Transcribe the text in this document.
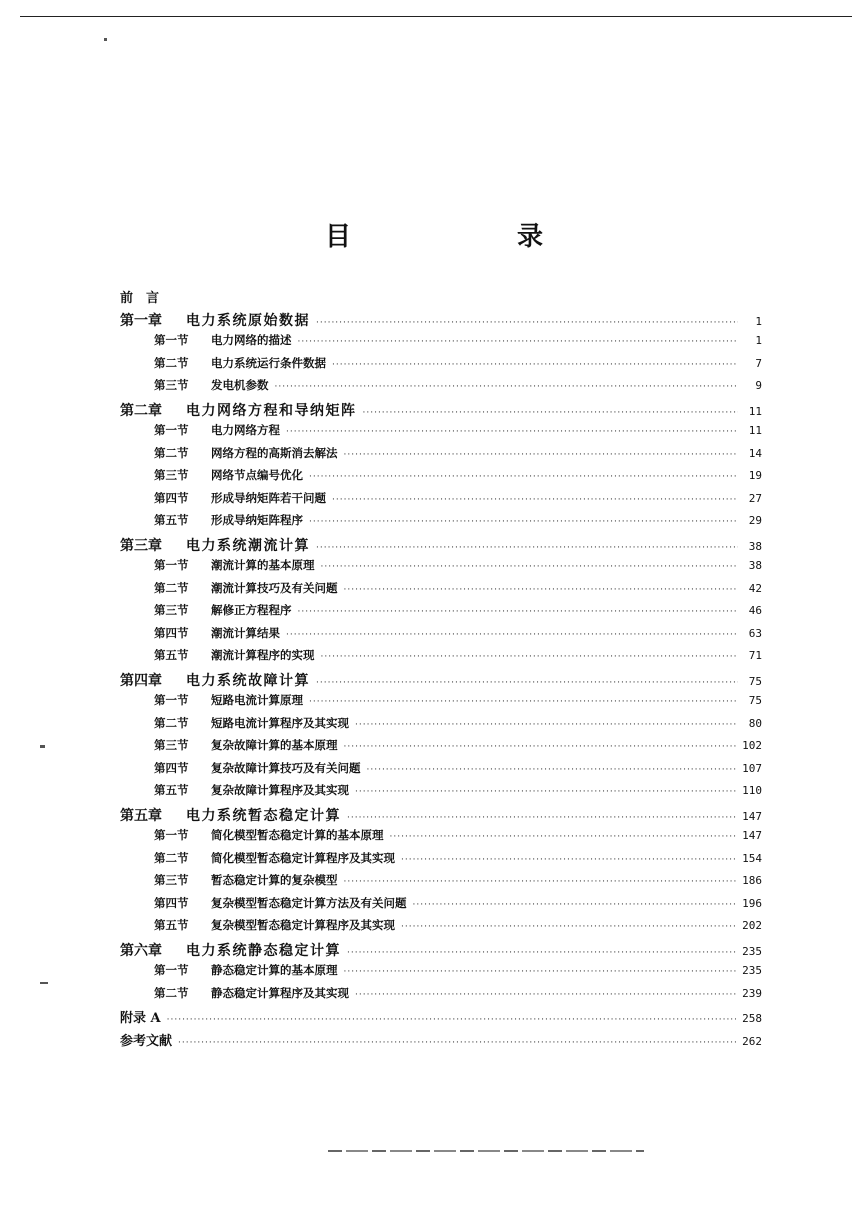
目　录
前　言
第一章	电力系统原始数据 ·····	1
第一节	电力网络的描述 ·····	1
第二节	电力系统运行条件数据 ·····	7
第三节	发电机参数 ·····	9
第二章	电力网络方程和导纳矩阵 ·····	11
第一节	电力网络方程 ·····	11
第二节	网络方程的高斯消去解法 ·····	14
第三节	网络节点编号优化 ·····	19
第四节	形成导纳矩阵若干问题 ·····	27
第五节	形成导纳矩阵程序 ·····	29
第三章	电力系统潮流计算 ·····	38
第一节	潮流计算的基本原理 ·····	38
第二节	潮流计算技巧及有关问题 ·····	42
第三节	解修正方程程序 ·····	46
第四节	潮流计算结果 ·····	63
第五节	潮流计算程序的实现 ·····	71
第四章	电力系统故障计算 ·····	75
第一节	短路电流计算原理 ·····	75
第二节	短路电流计算程序及其实现 ·····	80
第三节	复杂故障计算的基本原理 ·····	102
第四节	复杂故障计算技巧及有关问题 ·····	107
第五节	复杂故障计算程序及其实现 ·····	110
第五章	电力系统暂态稳定计算 ·····	147
第一节	简化模型暂态稳定计算的基本原理 ·····	147
第二节	简化模型暂态稳定计算程序及其实现 ·····	154
第三节	暂态稳定计算的复杂模型 ·····	186
第四节	复杂模型暂态稳定计算方法及有关问题 ·····	196
第五节	复杂模型暂态稳定计算程序及其实现 ·····	202
第六章	电力系统静态稳定计算 ·····	235
第一节	静态稳定计算的基本原理 ·····	235
第二节	静态稳定计算程序及其实现 ·····	239
附录 A ·····	258
参考文献 ·····	262
